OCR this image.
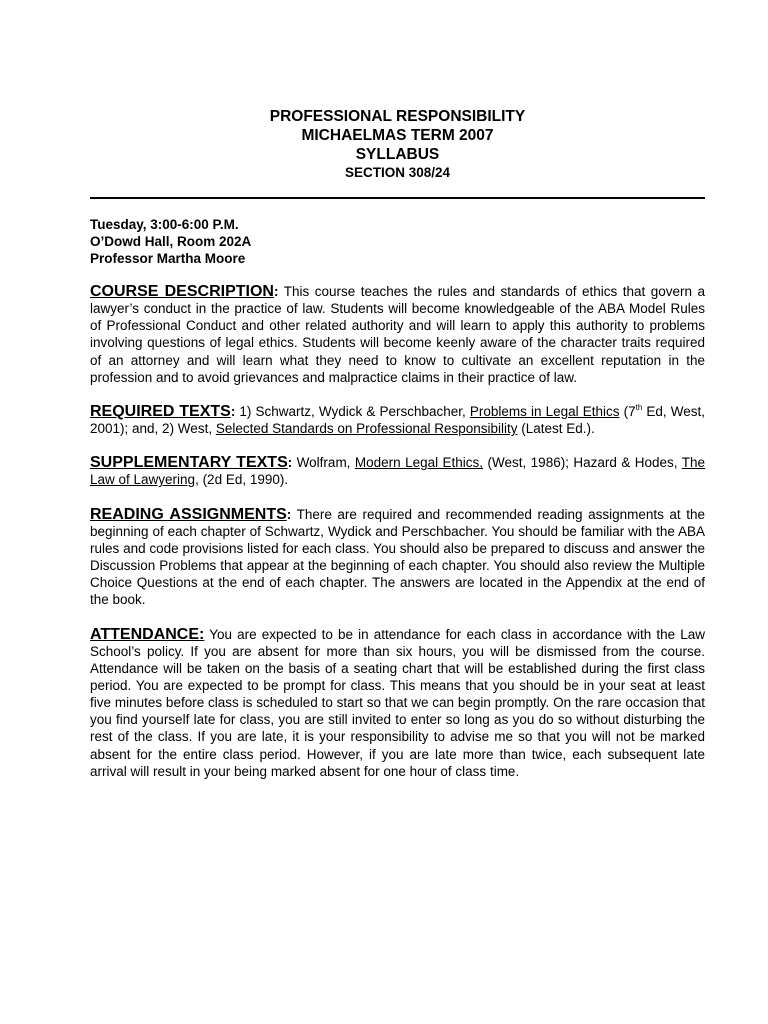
PROFESSIONAL RESPONSIBILITY
MICHAELMAS TERM 2007
SYLLABUS
SECTION 308/24
Tuesday, 3:00-6:00 P.M.
O’Dowd Hall, Room 202A
Professor Martha Moore

COURSE DESCRIPTION: This course teaches the rules and standards of ethics that govern a lawyer’s conduct in the practice of law. Students will become knowledgeable of the ABA Model Rules of Professional Conduct and other related authority and will learn to apply this authority to problems involving questions of legal ethics. Students will become keenly aware of the character traits required of an attorney and will learn what they need to know to cultivate an excellent reputation in the profession and to avoid grievances and malpractice claims in their practice of law.

REQUIRED TEXTS: 1) Schwartz, Wydick & Perschbacher, Problems in Legal Ethics (7th Ed, West, 2001); and, 2) West, Selected Standards on Professional Responsibility (Latest Ed.).

SUPPLEMENTARY TEXTS: Wolfram, Modern Legal Ethics, (West, 1986); Hazard & Hodes, The Law of Lawyering, (2d Ed, 1990).

READING ASSIGNMENTS: There are required and recommended reading assignments at the beginning of each chapter of Schwartz, Wydick and Perschbacher. You should be familiar with the ABA rules and code provisions listed for each class. You should also be prepared to discuss and answer the Discussion Problems that appear at the beginning of each chapter. You should also review the Multiple Choice Questions at the end of each chapter. The answers are located in the Appendix at the end of the book.

ATTENDANCE: You are expected to be in attendance for each class in accordance with the Law School’s policy. If you are absent for more than six hours, you will be dismissed from the course. Attendance will be taken on the basis of a seating chart that will be established during the first class period. You are expected to be prompt for class. This means that you should be in your seat at least five minutes before class is scheduled to start so that we can begin promptly. On the rare occasion that you find yourself late for class, you are still invited to enter so long as you do so without disturbing the rest of the class. If you are late, it is your responsibility to advise me so that you will not be marked absent for the entire class period. However, if you are late more than twice, each subsequent late arrival will result in your being marked absent for one hour of class time.
